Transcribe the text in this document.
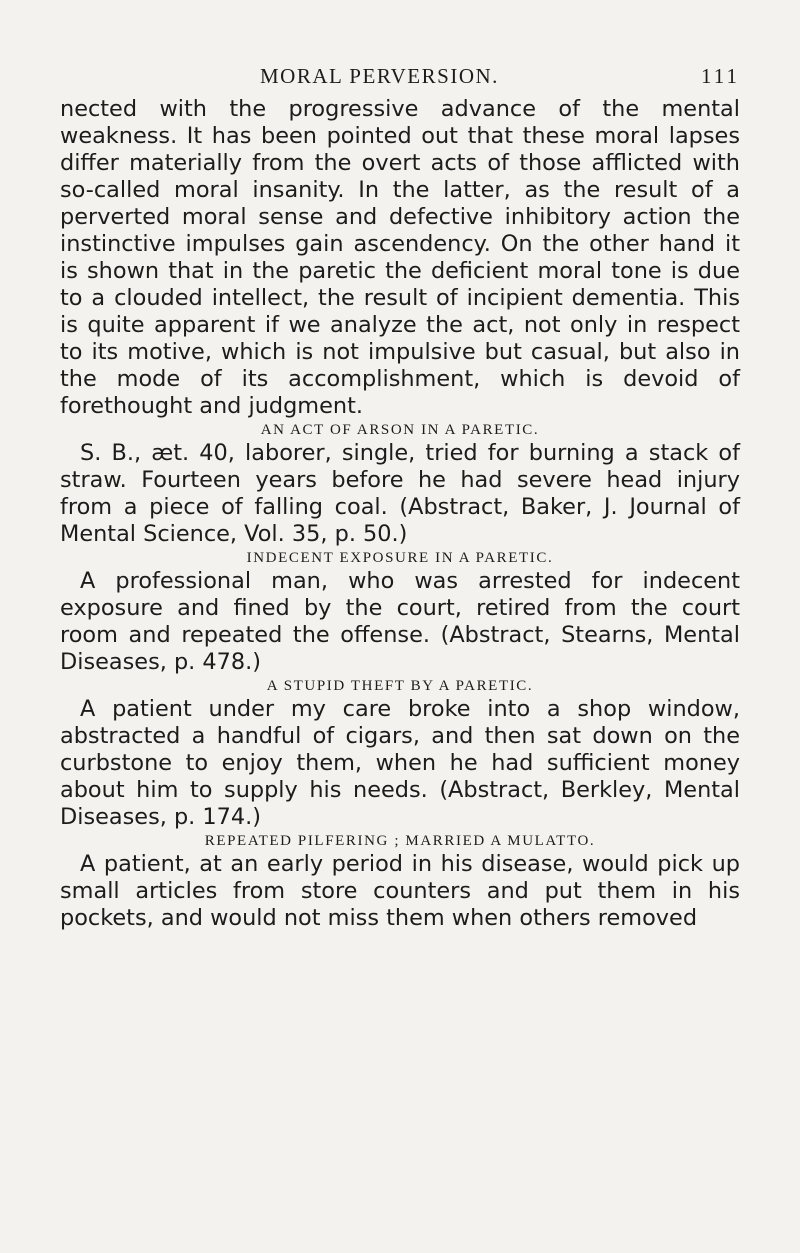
MORAL PERVERSION.	111

nected with the progressive advance of the mental weakness. It has been pointed out that these moral lapses differ materially from the overt acts of those afflicted with so-called moral insanity. In the latter, as the result of a perverted moral sense and defective inhibitory action the instinctive impulses gain ascendency. On the other hand it is shown that in the paretic the deficient moral tone is due to a clouded intellect, the result of incipient dementia. This is quite apparent if we analyze the act, not only in respect to its motive, which is not impulsive but casual, but also in the mode of its accomplishment, which is devoid of forethought and judgment.

AN ACT OF ARSON IN A PARETIC.

S. B., æt. 40, laborer, single, tried for burning a stack of straw. Fourteen years before he had severe head injury from a piece of falling coal. (Abstract, Baker, J. Journal of Mental Science, Vol. 35, p. 50.)

INDECENT EXPOSURE IN A PARETIC.

A professional man, who was arrested for indecent exposure and fined by the court, retired from the court room and repeated the offense. (Abstract, Stearns, Mental Diseases, p. 478.)

A STUPID THEFT BY A PARETIC.

A patient under my care broke into a shop window, abstracted a handful of cigars, and then sat down on the curbstone to enjoy them, when he had sufficient money about him to supply his needs. (Abstract, Berkley, Mental Diseases, p. 174.)

REPEATED PILFERING ; MARRIED A MULATTO.

A patient, at an early period in his disease, would pick up small articles from store counters and put them in his pockets, and would not miss them when others removed
